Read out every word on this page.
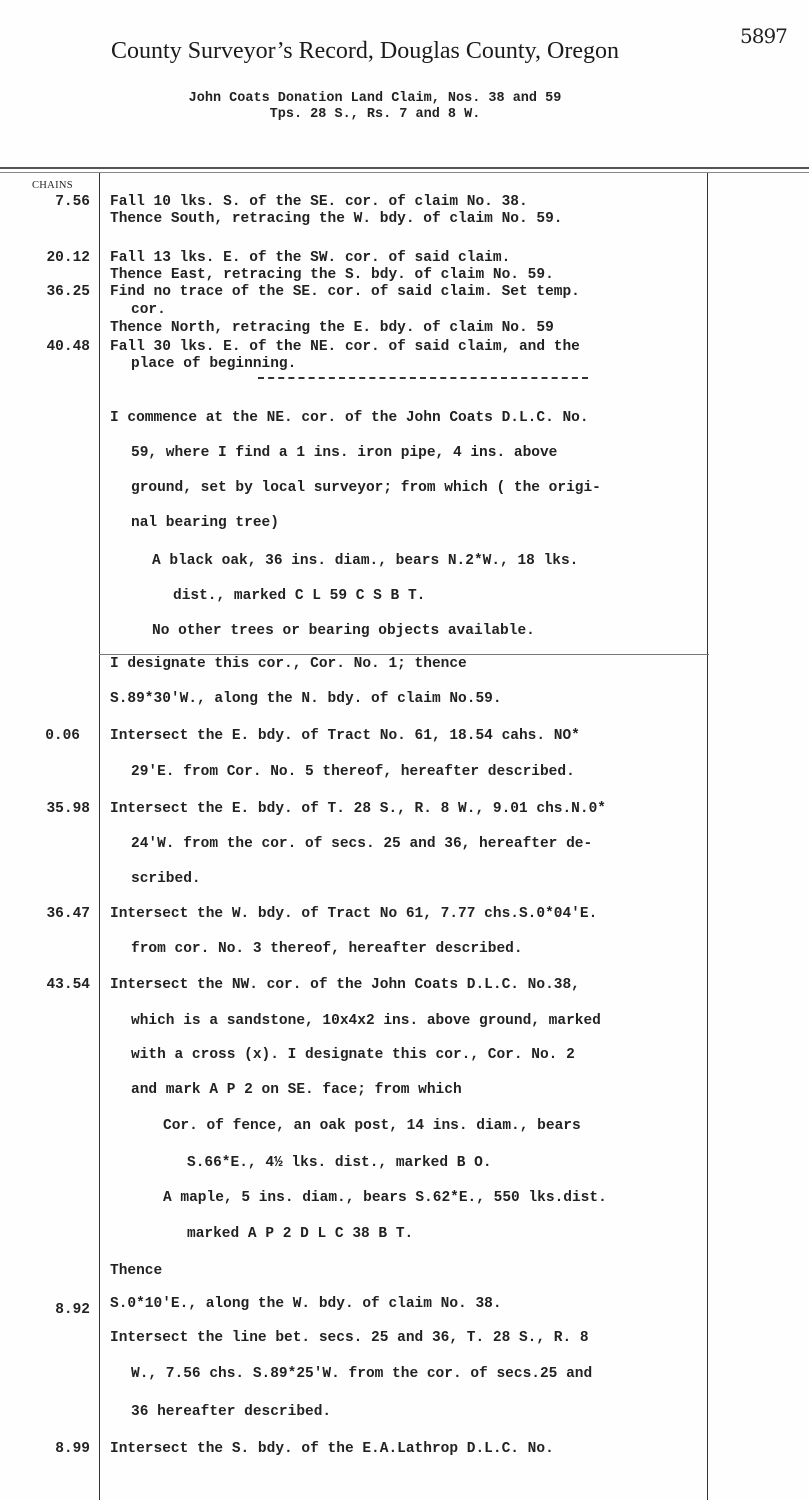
5897
County Surveyor’s Record, Douglas County, Oregon
John Coats Donation Land Claim, Nos. 38 and 59
Tps. 28 S., Rs. 7 and 8 W.
CHAINS
7.56
20.12
36.25
40.48
0.06
35.98
36.47
43.54
8.92
8.99
Fall 10 lks. S. of the SE. cor. of claim No. 38.
Thence South, retracing the W. bdy. of claim No. 59.
Fall 13 lks. E. of the SW. cor. of said claim.
Thence East, retracing the S. bdy. of claim No. 59.
Find no trace of the SE. cor. of said claim. Set temp.
cor.
Thence North, retracing the E. bdy. of claim No. 59
Fall 30 lks. E. of the NE. cor. of said claim, and the
place of beginning.
I commence at the NE. cor. of the John Coats D.L.C. No.
59, where I find a 1 ins. iron pipe, 4 ins. above
ground, set by local surveyor; from which ( the origi-
nal bearing tree)
A black oak, 36 ins. diam., bears N.2*W., 18 lks.
dist., marked C L 59 C S B T.
No other trees or bearing objects available.
I designate this cor., Cor. No. 1; thence
S.89*30'W., along the N. bdy. of claim No.59.
Intersect the E. bdy. of Tract No. 61, 18.54 cahs. NO*
29'E. from Cor. No. 5 thereof, hereafter described.
Intersect the E. bdy. of T. 28 S., R. 8 W., 9.01 chs.N.0*
24'W. from the cor. of secs. 25 and 36, hereafter de-
scribed.
Intersect the W. bdy. of Tract No 61, 7.77 chs.S.0*04'E.
from cor. No. 3 thereof, hereafter described.
Intersect the NW. cor. of the John Coats D.L.C. No.38,
which is a sandstone, 10x4x2 ins. above ground, marked
with a cross (x). I designate this cor., Cor. No. 2
and mark A P 2 on SE. face; from which
Cor. of fence, an oak post, 14 ins. diam., bears
S.66*E., 4½ lks. dist., marked B O.
A maple, 5 ins. diam., bears S.62*E., 550 lks.dist.
marked A P 2 D L C 38 B T.
Thence
S.0*10'E., along the W. bdy. of claim No. 38.
Intersect the line bet. secs. 25 and 36, T. 28 S., R. 8
W., 7.56 chs. S.89*25'W. from the cor. of secs.25 and
36 hereafter described.
Intersect the S. bdy. of the E.A.Lathrop D.L.C. No.
